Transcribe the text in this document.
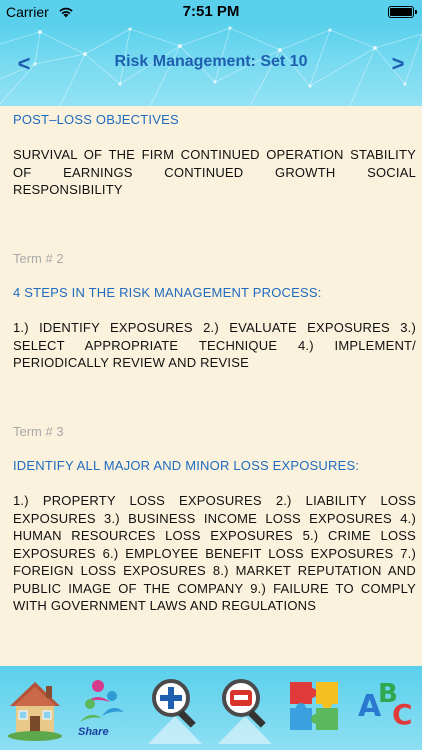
Carrier	7:51 PM
<	Risk Management: Set 10	>
POST–LOSS OBJECTIVES
SURVIVAL OF THE FIRM CONTINUED OPERATION STABILITY
OF EARNINGS CONTINUED GROWTH SOCIAL
RESPONSIBILITY
Term # 2
4 STEPS IN THE RISK MANAGEMENT PROCESS:
1.) IDENTIFY EXPOSURES 2.) EVALUATE EXPOSURES 3.)
SELECT APPROPRIATE TECHNIQUE 4.) IMPLEMENT/
PERIODICALLY REVIEW AND REVISE
Term # 3
IDENTIFY ALL MAJOR AND MINOR LOSS EXPOSURES:
1.) PROPERTY LOSS EXPOSURES 2.) LIABILITY LOSS
EXPOSURES 3.) BUSINESS INCOME LOSS EXPOSURES 4.)
HUMAN RESOURCES LOSS EXPOSURES 5.) CRIME LOSS
EXPOSURES 6.) EMPLOYEE BENEFIT LOSS EXPOSURES 7.)
FOREIGN LOSS EXPOSURES 8.) MARKET REPUTATION AND
PUBLIC IMAGE OF THE COMPANY 9.) FAILURE TO COMPLY
WITH GOVERNMENT LAWS AND REGULATIONS
Share
A
B
C
